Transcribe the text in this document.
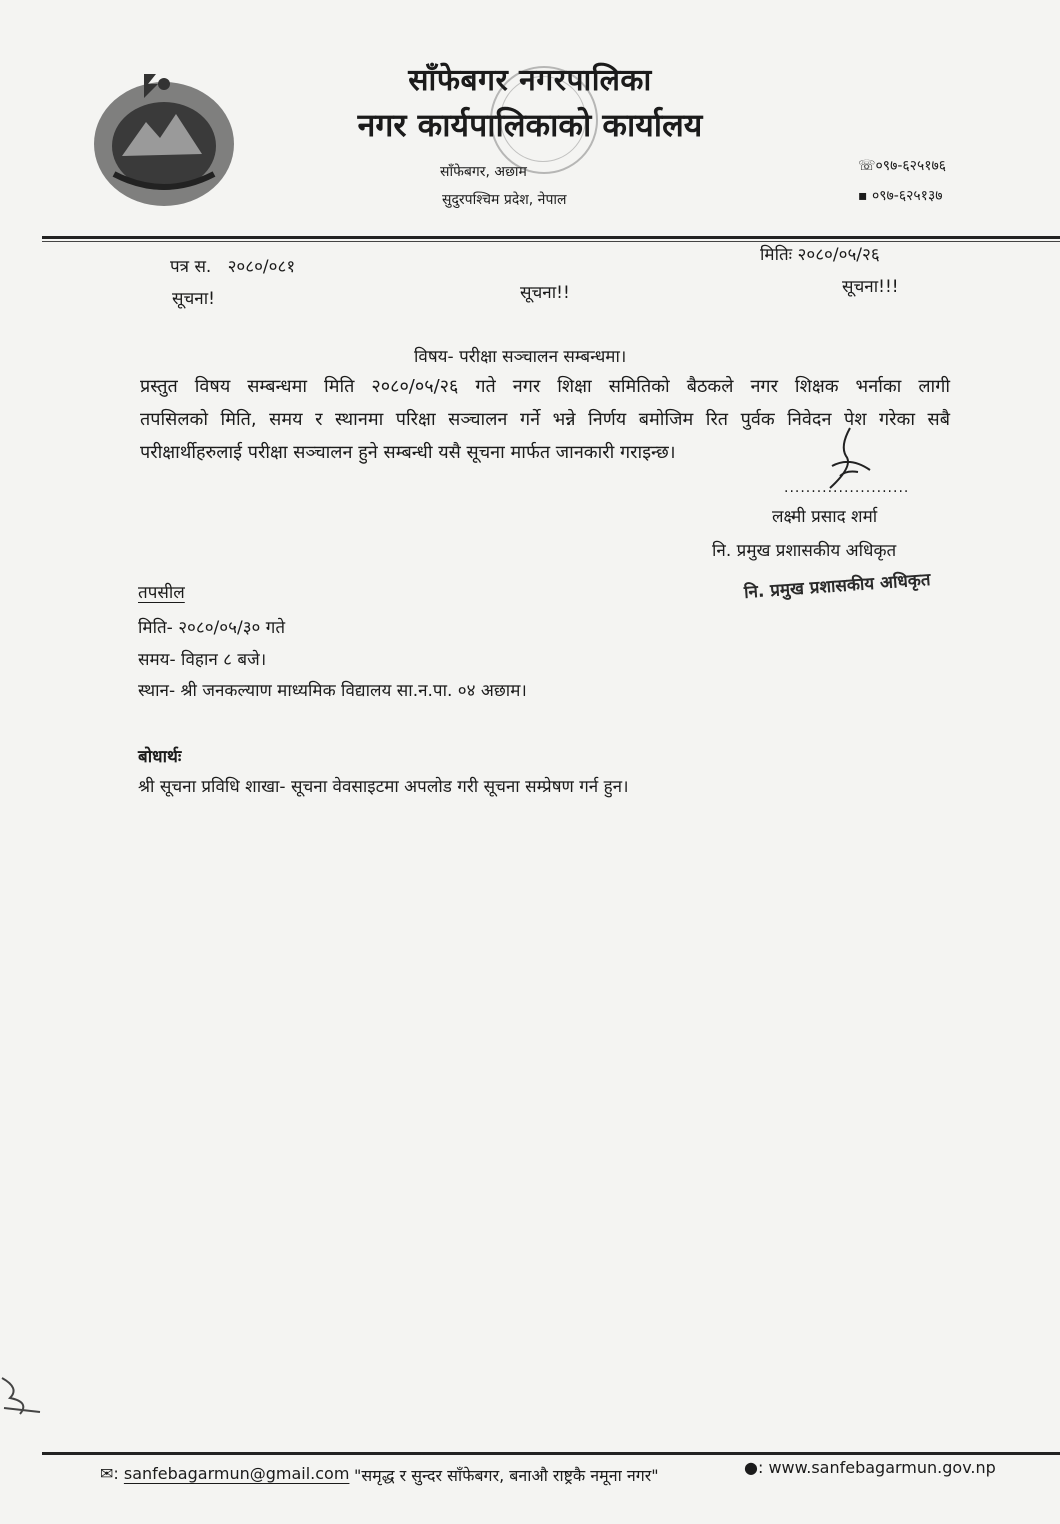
साँफेबगर नगरपालिका
नगर कार्यपालिकाको कार्यालय
साँफेबगर, अछाम
सुदुरपश्चिम प्रदेश, नेपाल
☏०९७-६२५१७६
▪ ०९७-६२५१३७
पत्र स. २०८०/०८१
मितिः २०८०/०५/२६
सूचना!	सूचना!!	सूचना!!!
विषय- परीक्षा सञ्चालन सम्बन्धमा।
प्रस्तुत विषय सम्बन्धमा मिति २०८०/०५/२६ गते नगर शिक्षा समितिको बैठकले नगर शिक्षक भर्नाका लागी
तपसिलको मिति, समय र स्थानमा परिक्षा सञ्चालन गर्ने भन्ने निर्णय बमोजिम रित पुर्वक निवेदन पेश गरेका सबै
परीक्षार्थीहरुलाई परीक्षा सञ्चालन हुने सम्बन्धी यसै सूचना मार्फत जानकारी गराइन्छ।
.......................
लक्ष्मी प्रसाद शर्मा
नि. प्रमुख प्रशासकीय अधिकृत
नि. प्रमुख प्रशासकीय अधिकृत
तपसील
मिति- २०८०/०५/३० गते
समय- विहान ८ बजे।
स्थान- श्री जनकल्याण माध्यमिक विद्यालय सा.न.पा. ०४ अछाम।
बोधार्थः
श्री सूचना प्रविधि शाखा- सूचना वेवसाइटमा अपलोड गरी सूचना सम्प्रेषण गर्न हुन।
✉: sanfebagarmun@gmail.com "समृद्ध र सुन्दर साँफेबगर, बनाऔ राष्ट्रकै नमूना नगर"	●: www.sanfebagarmun.gov.np
